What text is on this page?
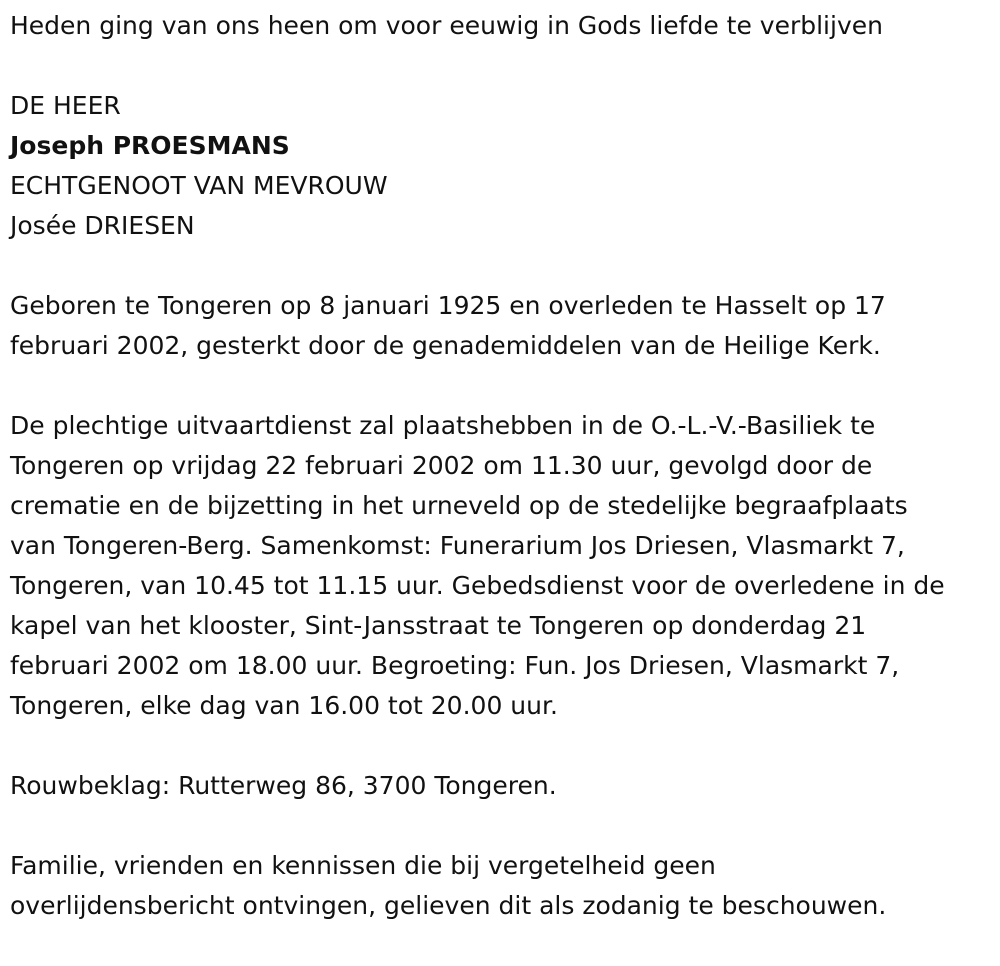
Heden ging van ons heen om voor eeuwig in Gods liefde te verblijven
DE HEER
Joseph PROESMANS
ECHTGENOOT VAN MEVROUW
Josée DRIESEN
Geboren te Tongeren op 8 januari 1925 en overleden te Hasselt op 17
februari 2002, gesterkt door de genademiddelen van de Heilige Kerk.
De plechtige uitvaartdienst zal plaatshebben in de O.-L.-V.-Basiliek te
Tongeren op vrijdag 22 februari 2002 om 11.30 uur, gevolgd door de
crematie en de bijzetting in het urneveld op de stedelijke begraafplaats
van Tongeren-Berg. Samenkomst: Funerarium Jos Driesen, Vlasmarkt 7,
Tongeren, van 10.45 tot 11.15 uur. Gebedsdienst voor de overledene in de
kapel van het klooster, Sint-Jansstraat te Tongeren op donderdag 21
februari 2002 om 18.00 uur. Begroeting: Fun. Jos Driesen, Vlasmarkt 7,
Tongeren, elke dag van 16.00 tot 20.00 uur.
Rouwbeklag: Rutterweg 86, 3700 Tongeren.
Familie, vrienden en kennissen die bij vergetelheid geen
overlijdensbericht ontvingen, gelieven dit als zodanig te beschouwen.
